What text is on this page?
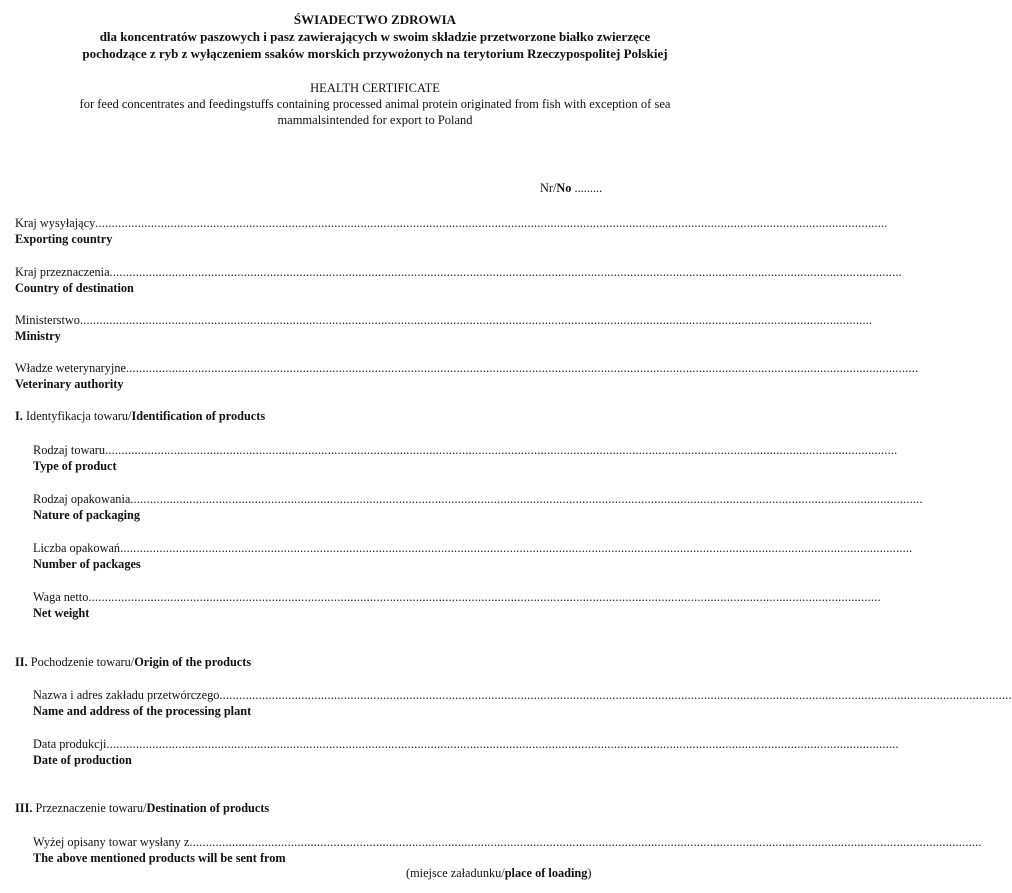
ŚWIADECTWO ZDROWIA
dla koncentratów paszowych i pasz zawierających w swoim składzie przetworzone białko zwierzęce
pochodzące z ryb z wyłączeniem ssaków morskich przywożonych na terytorium Rzeczypospolitej Polskiej
HEALTH CERTIFICATE
for feed concentrates and feedingstuffs containing processed animal protein originated from fish with exception of sea
mammalsintended for export to Poland
Nr/No .........
Kraj wysyłający..................................................................................................................................................................................................................................................
Exporting country
Kraj przeznaczenia..................................................................................................................................................................................................................................................
Country of destination
Ministerstwo..................................................................................................................................................................................................................................................
Ministry
Władze weterynaryjne..................................................................................................................................................................................................................................................
Veterinary authority
I. Identyfikacja towaru/Identification of products
Rodzaj towaru..................................................................................................................................................................................................................................................
Type of product
Rodzaj opakowania..................................................................................................................................................................................................................................................
Nature of packaging
Liczba opakowań..................................................................................................................................................................................................................................................
Number of packages
Waga netto..................................................................................................................................................................................................................................................
Net weight
II. Pochodzenie towaru/Origin of the products
Nazwa i adres zakładu przetwórczego..................................................................................................................................................................................................................................................
Name and address of the processing plant
Data produkcji..................................................................................................................................................................................................................................................
Date of production
III. Przeznaczenie towaru/Destination of products
Wyżej opisany towar wysłany z..................................................................................................................................................................................................................................................
The above mentioned products will be sent from
(miejsce załadunku/place of loading)
